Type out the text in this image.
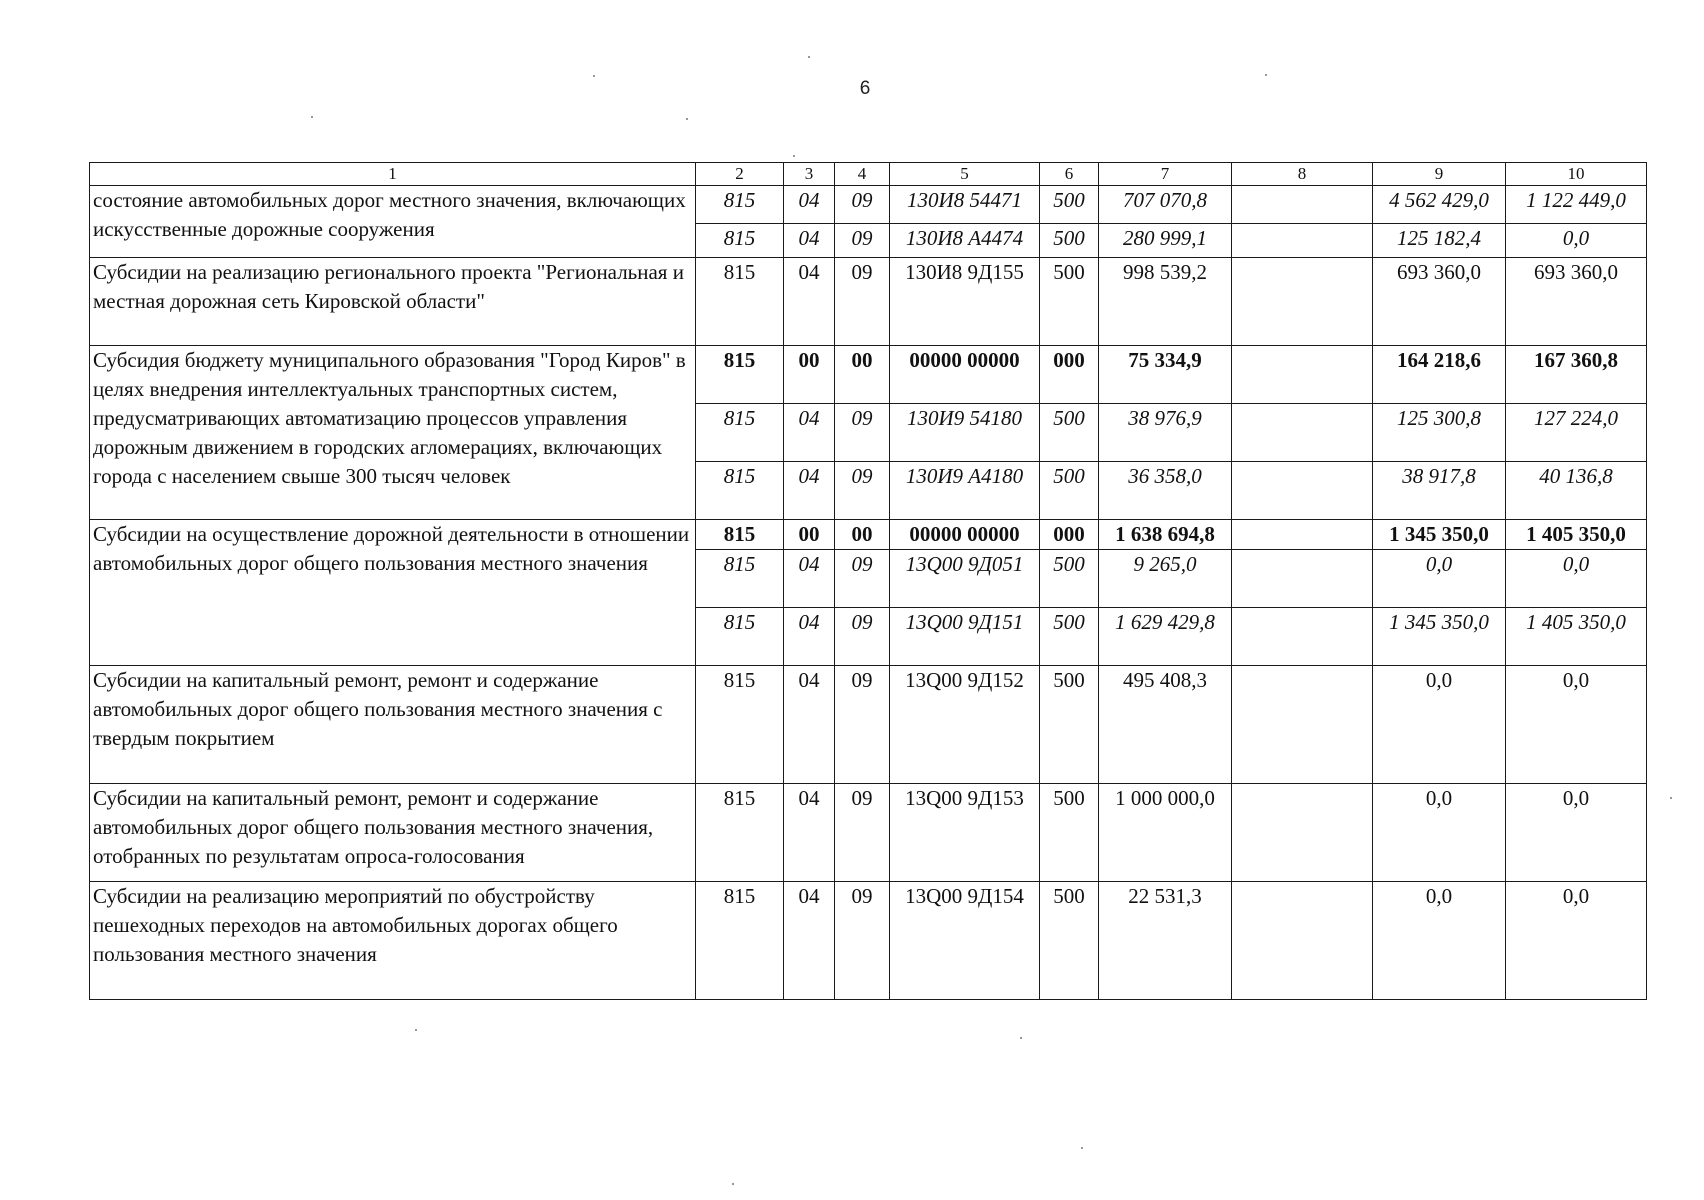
6
1	2	3	4	5	6	7	8	9	10
состояние автомобильных дорог местного значения, включающих искусственные дорожные сооружения	815	04	09	130И8 54471	500	707 070,8		4 562 429,0	1 122 449,0
	815	04	09	130И8 А4474	500	280 999,1		125 182,4	0,0
Субсидии на реализацию регионального проекта "Региональная и местная дорожная сеть Кировской области"	815	04	09	130И8 9Д155	500	998 539,2		693 360,0	693 360,0
Субсидия бюджету муниципального образования "Город Киров" в целях внедрения интеллектуальных транспортных систем, предусматривающих автоматизацию процессов управления дорожным движением в городских агломерациях, включающих города с населением свыше 300 тысяч человек	815	00	00	00000 00000	000	75 334,9		164 218,6	167 360,8
	815	04	09	130И9 54180	500	38 976,9		125 300,8	127 224,0
	815	04	09	130И9 А4180	500	36 358,0		38 917,8	40 136,8
Субсидии на осуществление дорожной деятельности в отношении автомобильных дорог общего пользования местного значения	815	00	00	00000 00000	000	1 638 694,8		1 345 350,0	1 405 350,0
	815	04	09	13Q00 9Д051	500	9 265,0		0,0	0,0
	815	04	09	13Q00 9Д151	500	1 629 429,8		1 345 350,0	1 405 350,0
Субсидии на капитальный ремонт, ремонт и содержание автомобильных дорог общего пользования местного значения с твердым покрытием	815	04	09	13Q00 9Д152	500	495 408,3		0,0	0,0
Субсидии на капитальный ремонт, ремонт и содержание автомобильных дорог общего пользования местного значения, отобранных по результатам опроса-голосования	815	04	09	13Q00 9Д153	500	1 000 000,0		0,0	0,0
Субсидии на реализацию мероприятий по обустройству пешеходных переходов на автомобильных дорогах общего пользования местного значения	815	04	09	13Q00 9Д154	500	22 531,3		0,0	0,0
